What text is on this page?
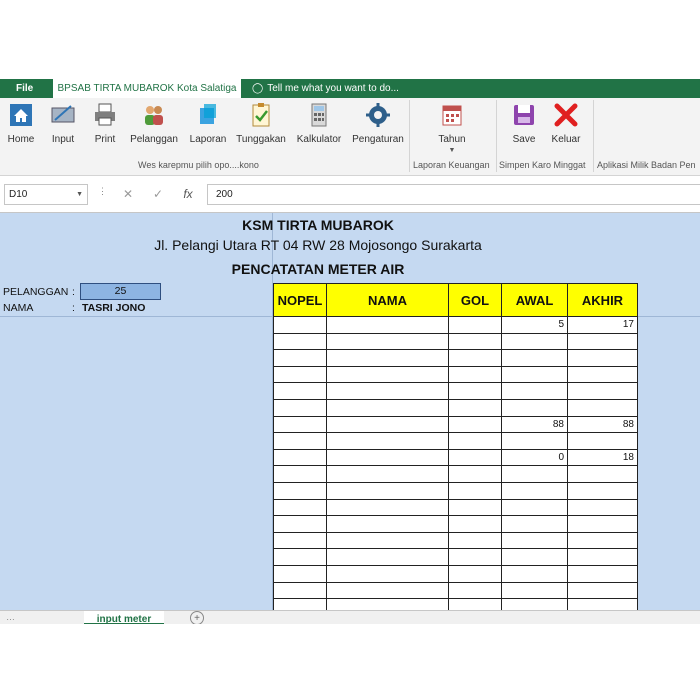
File	BPSAB TIRTA MUBAROK Kota Salatiga	◯ Tell me what you want to do...
Home	Input	Print	Pelanggan Laporan Tunggakan Kalkulator Pengaturan	Tahun
▼
Save	Keluar
Wes karepmu pilih opo....kono	Laporan Keuangan Simpen Karo Minggat Aplikasi Milik Badan Pen
D10	▼ ⋮	✕	✓	fx	200
KSM TIRTA MUBAROK
Jl. Pelangi Utara RT 04 RW 28 Mojosongo Surakarta
PENCATATAN METER AIR
PELANGGAN :	25
NAMA	: TASRI JONO
NOPEL	NAMA	GOL	AWAL	AKHIR
			5	17

			88	88

			0	18

…	input meter	+
